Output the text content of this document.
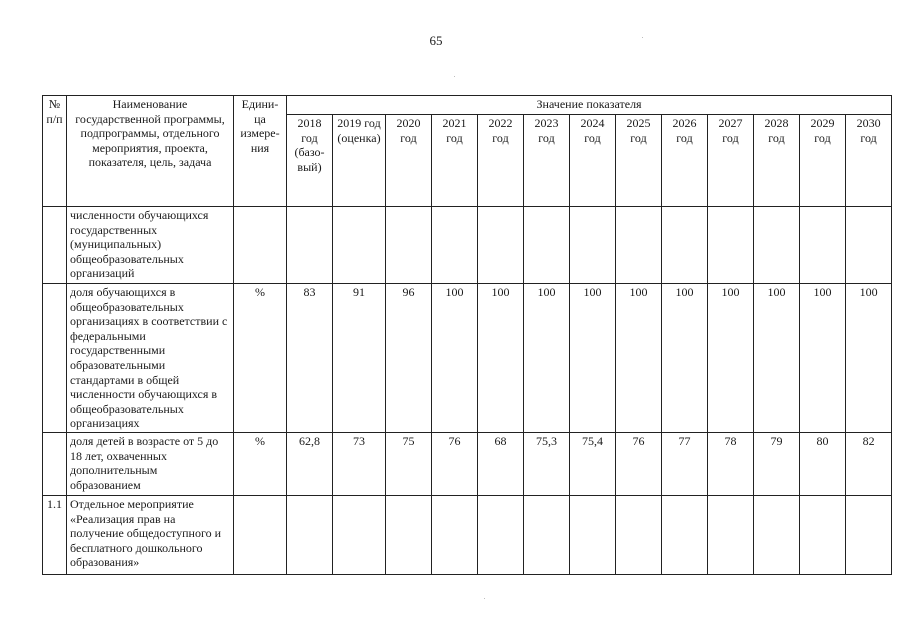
65
№
п/п	Наименование государственной программы, подпрограммы, отдельного мероприятия, проекта, показателя, цель, задача	Едини-ца измере-ния	Значение показателя												
			2018 год (базо-вый)	2019 год (оценка)	2020 год	2021 год	2022 год	2023 год	2024 год	2025 год	2026 год	2027 год	2028 год	2029 год	2030 год
	численности обучающихся государственных (муниципальных) общеобразовательных организаций														
	доля обучающихся в общеобразовательных организациях в соответствии с федеральными государственными образовательными стандартами в общей численности обучающихся в общеобразовательных организациях	%	83	91	96	100	100	100	100	100	100	100	100	100	100
	доля детей в возрасте от 5 до 18 лет, охваченных дополнительным образованием	%	62,8	73	75	76	68	75,3	75,4	76	77	78	79	80	82
1.1	Отдельное мероприятие «Реализация прав на получение общедоступного и бесплатного дошкольного образования»														
